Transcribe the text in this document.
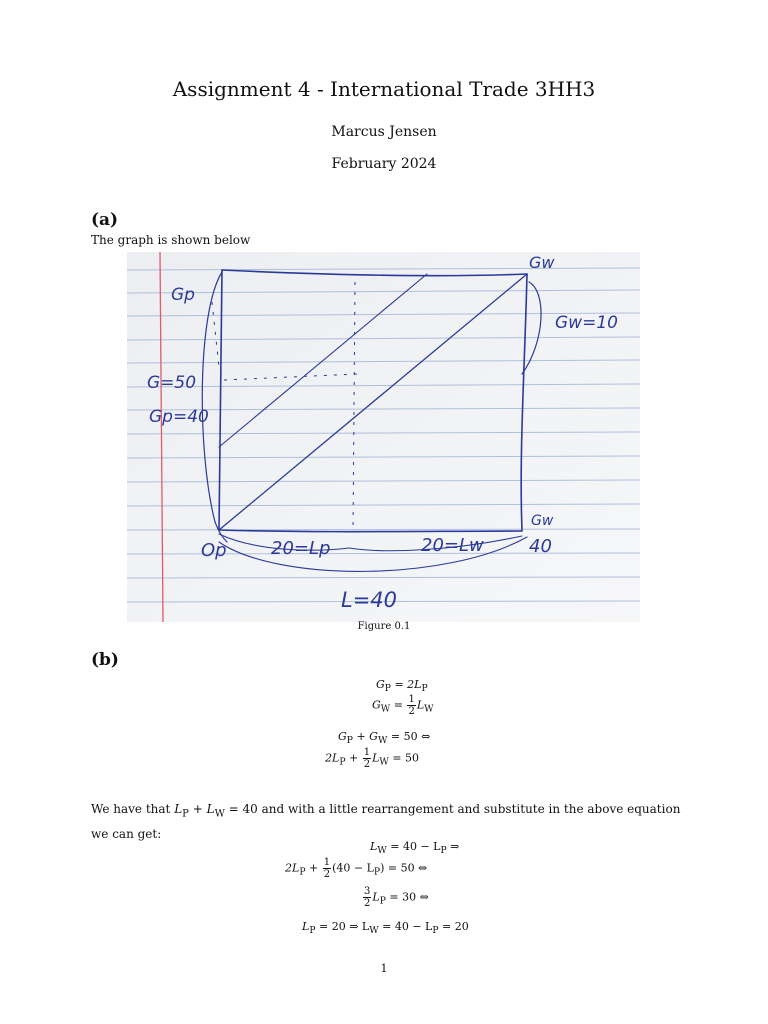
Assignment 4 - International Trade 3HH3
Marcus Jensen
February 2024
(a)
The graph is shown below
Gp
Gw
Gw=10
G=50
Gp=40
Op 20=Lp	20=Lw
Gw
40
L=40
Figure 0.1
(b)
$G_P = 2L_P$
$G_W = \frac{1}{2} L_W$
$G_P + G_W = 50$ ⇔
$2L_P + \frac{1}{2} L_W = 50$
We have that $L_P + L_W = 40$ and with a little rearrangement and substitute in the above equation we can get:
$L_W = 40 - L_P$ ⇒
$2L_P + \frac{1}{2} (40 - L_P) = 50$ ⇔
$\frac{3}{2} L_P = 30$ ⇔
$L_P = 20$ ⇒ $L_W = 40 - L_P = 20$
1
